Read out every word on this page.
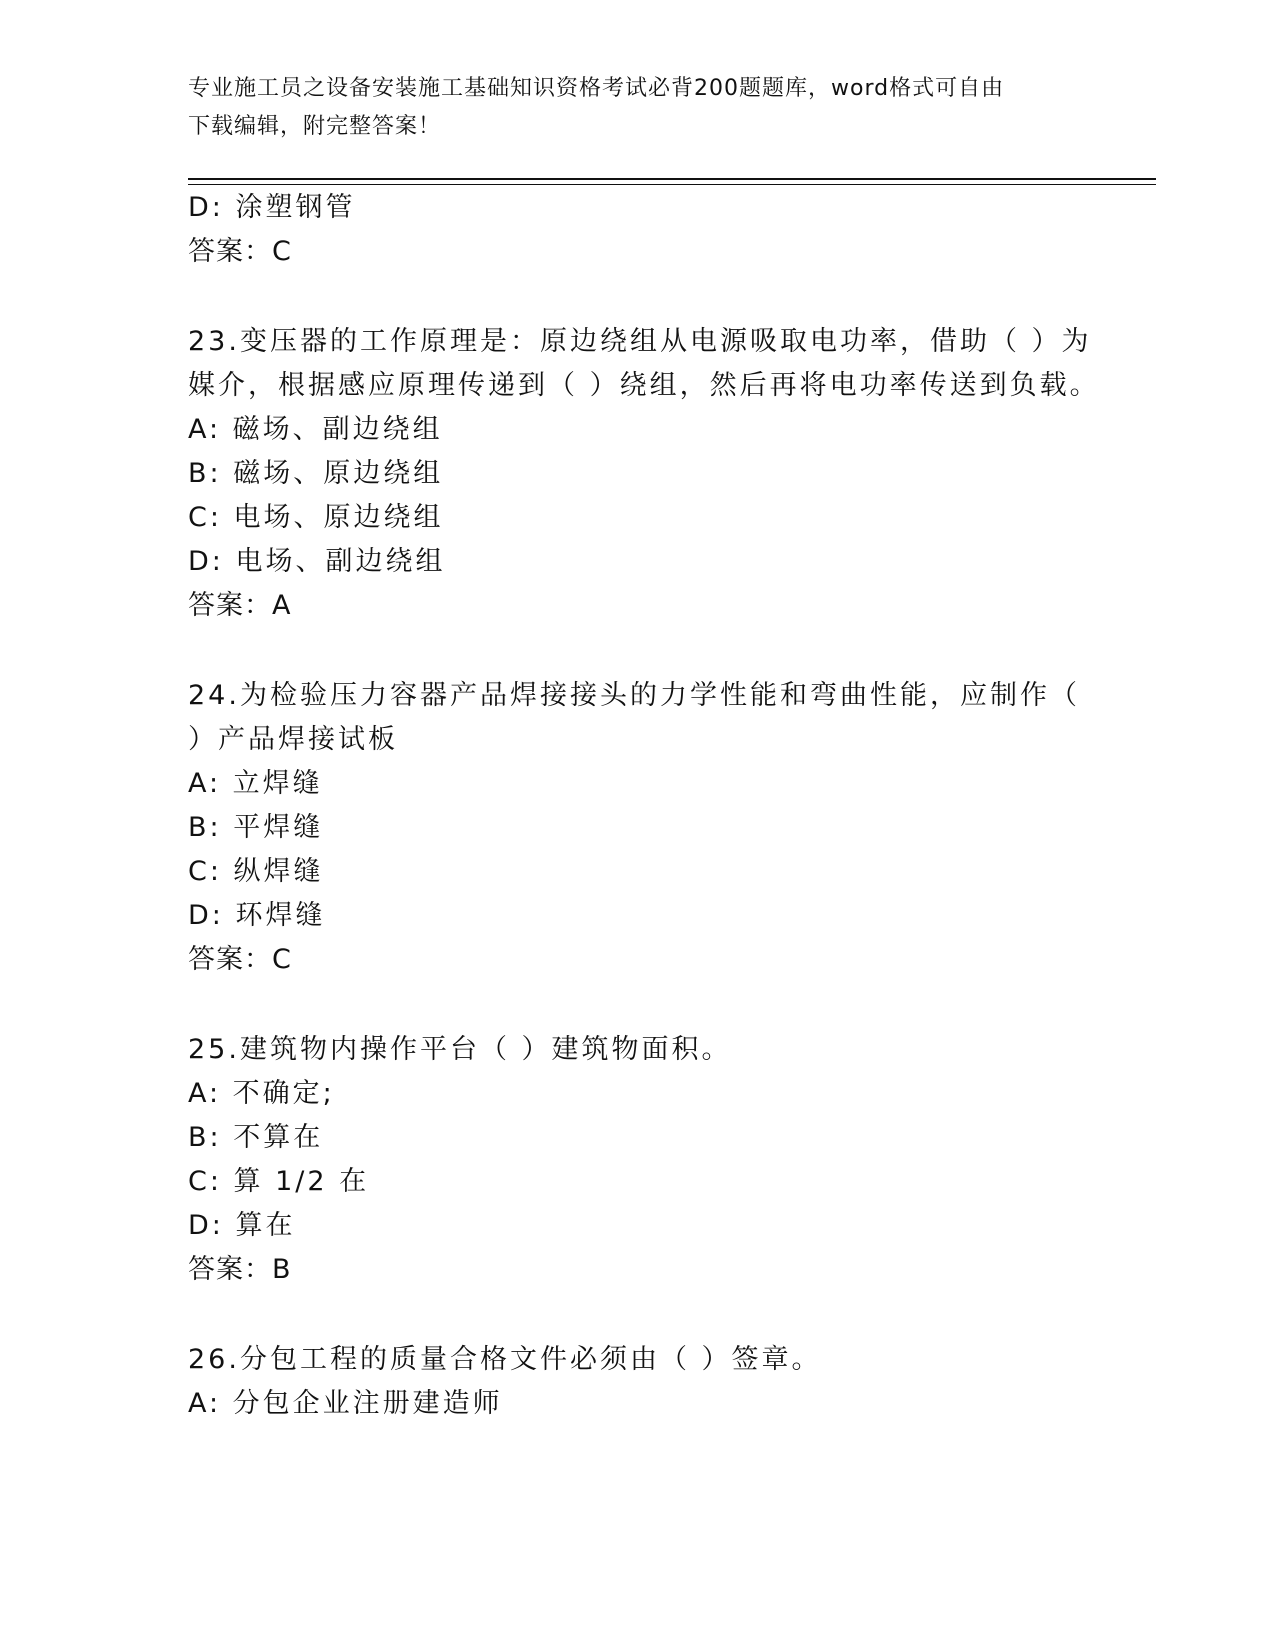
专业施工员之设备安装施工基础知识资格考试必背200题题库，word格式可自由
下载编辑，附完整答案！
D: 涂塑钢管
答案：C
23.变压器的工作原理是：原边绕组从电源吸取电功率，借助（ ）为
媒介，根据感应原理传递到（ ）绕组，然后再将电功率传送到负载。
A: 磁场、副边绕组
B: 磁场、原边绕组
C: 电场、原边绕组
D: 电场、副边绕组
答案：A
24.为检验压力容器产品焊接接头的力学性能和弯曲性能，应制作（
）产品焊接试板
A: 立焊缝
B: 平焊缝
C: 纵焊缝
D: 环焊缝
答案：C
25.建筑物内操作平台（ ）建筑物面积。
A: 不确定;
B: 不算在
C: 算 1/2 在
D: 算在
答案：B
26.分包工程的质量合格文件必须由（ ）签章。
A: 分包企业注册建造师
